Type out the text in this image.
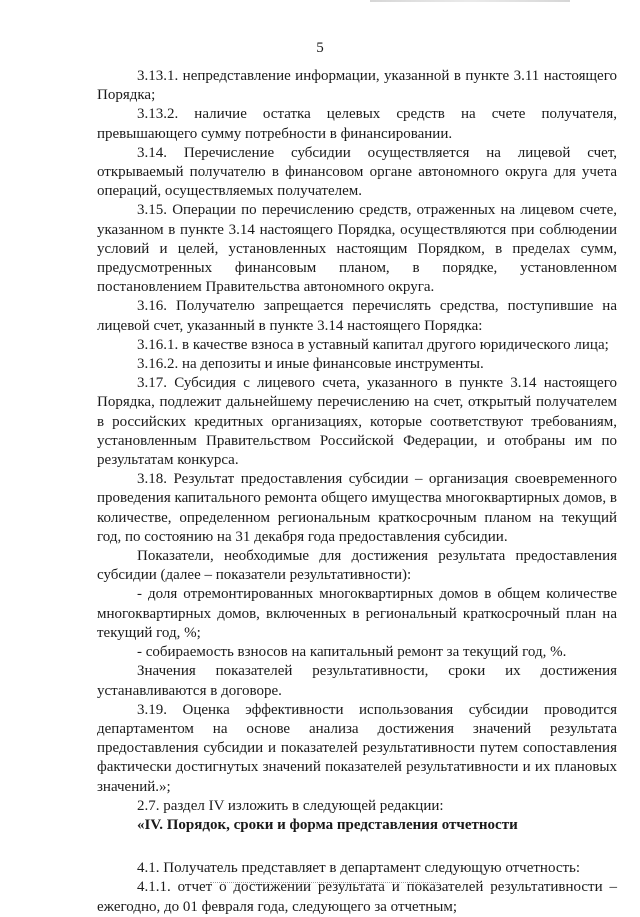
5

3.13.1. непредставление информации, указанной в пункте 3.11 настоящего Порядка;

3.13.2. наличие остатка целевых средств на счете получателя, превышающего сумму потребности в финансировании.

3.14. Перечисление субсидии осуществляется на лицевой счет, открываемый получателю в финансовом органе автономного округа для учета операций, осуществляемых получателем.

3.15. Операции по перечислению средств, отраженных на лицевом счете, указанном в пункте 3.14 настоящего Порядка, осуществляются при соблюдении условий и целей, установленных настоящим Порядком, в пределах сумм, предусмотренных финансовым планом, в порядке, установленном постановлением Правительства автономного округа.

3.16. Получателю запрещается перечислять средства, поступившие на лицевой счет, указанный в пункте 3.14 настоящего Порядка:

3.16.1. в качестве взноса в уставный капитал другого юридического лица;

3.16.2. на депозиты и иные финансовые инструменты.

3.17. Субсидия с лицевого счета, указанного в пункте 3.14 настоящего Порядка, подлежит дальнейшему перечислению на счет, открытый получателем в российских кредитных организациях, которые соответствуют требованиям, установленным Правительством Российской Федерации, и отобраны им по результатам конкурса.

3.18. Результат предоставления субсидии – организация своевременного проведения капитального ремонта общего имущества многоквартирных домов, в количестве, определенном региональным краткосрочным планом на текущий год, по состоянию на 31 декабря года предоставления субсидии.

Показатели, необходимые для достижения результата предоставления субсидии (далее – показатели результативности):

- доля отремонтированных многоквартирных домов в общем количестве многоквартирных домов, включенных в региональный краткосрочный план на текущий год, %;

- собираемость взносов на капитальный ремонт за текущий год, %.

Значения показателей результативности, сроки их достижения устанавливаются в договоре.

3.19. Оценка эффективности использования субсидии проводится департаментом на основе анализа достижения значений результата предоставления субсидии и показателей результативности путем сопоставления фактически достигнутых значений показателей результативности и их плановых значений.»;

2.7. раздел IV изложить в следующей редакции:

«IV. Порядок, сроки и форма представления отчетности

4.1. Получатель представляет в департамент следующую отчетность:

4.1.1. отчет о достижении результата и показателей результативности – ежегодно, до 01 февраля года, следующего за отчетным;
